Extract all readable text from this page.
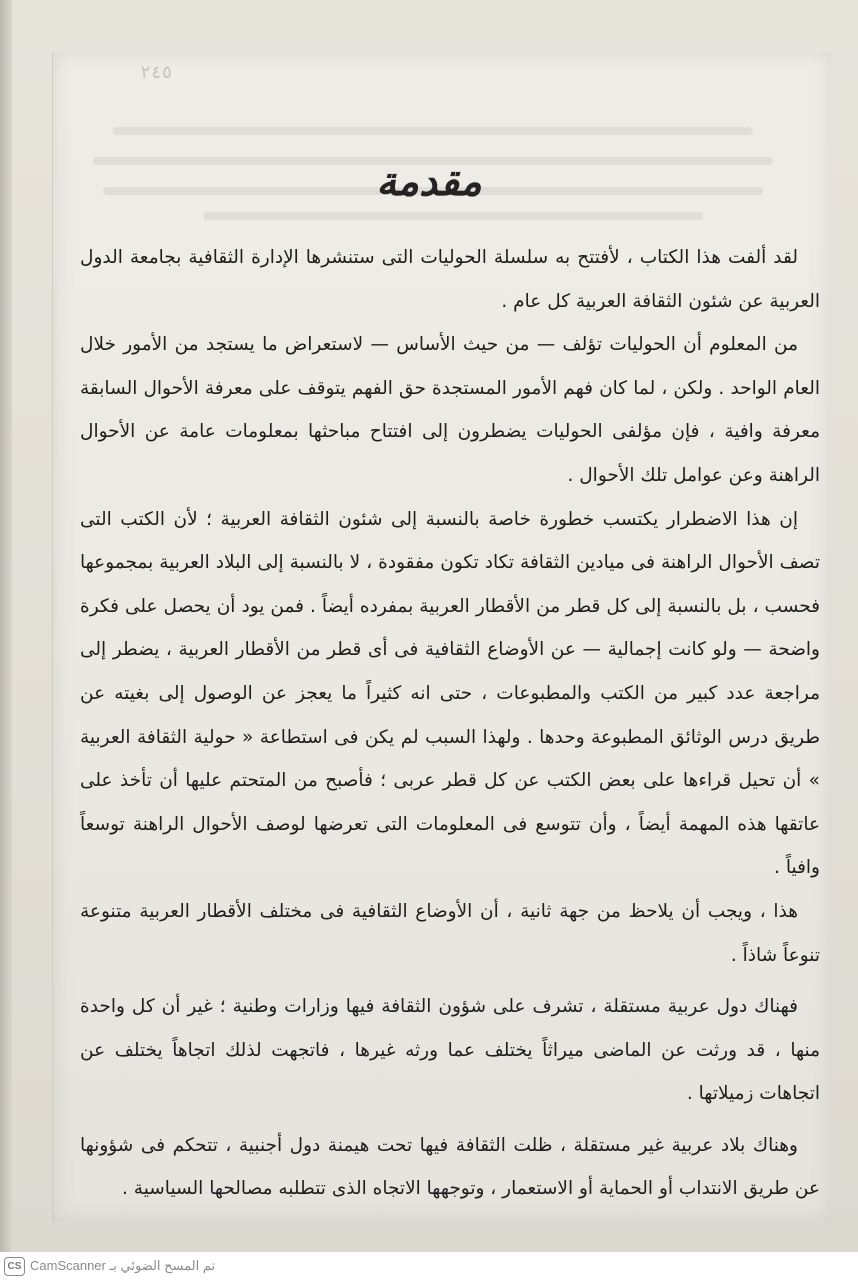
٢٤٥
مقدمة

لقد ألفت هذا الكتاب ، لأفتتح به سلسلة الحوليات التى ستنشرها الإدارة الثقافية بجامعة الدول العربية عن شئون الثقافة العربية كل عام .

من المعلوم أن الحوليات تؤلف — من حيث الأساس — لاستعراض ما يستجد من الأمور خلال العام الواحد . ولكن ، لما كان فهم الأمور المستجدة حق الفهم يتوقف على معرفة الأحوال السابقة معرفة وافية ، فإن مؤلفى الحوليات يضطرون إلى افتتاح مباحثها بمعلومات عامة عن الأحوال الراهنة وعن عوامل تلك الأحوال .

إن هذا الاضطرار يكتسب خطورة خاصة بالنسبة إلى شئون الثقافة العربية ؛ لأن الكتب التى تصف الأحوال الراهنة فى ميادين الثقافة تكاد تكون مفقودة ، لا بالنسبة إلى البلاد العربية بمجموعها فحسب ، بل بالنسبة إلى كل قطر من الأقطار العربية بمفرده أيضاً . فمن يود أن يحصل على فكرة واضحة — ولو كانت إجمالية — عن الأوضاع الثقافية فى أى قطر من الأقطار العربية ، يضطر إلى مراجعة عدد كبير من الكتب والمطبوعات ، حتى انه كثيراً ما يعجز عن الوصول إلى بغيته عن طريق درس الوثائق المطبوعة وحدها . ولهذا السبب لم يكن فى استطاعة « حولية الثقافة العربية » أن تحيل قراءها على بعض الكتب عن كل قطر عربى ؛ فأصبح من المتحتم عليها أن تأخذ على عاتقها هذه المهمة أيضاً ، وأن تتوسع فى المعلومات التى تعرضها لوصف الأحوال الراهنة توسعاً وافياً .

هذا ، ويجب أن يلاحظ من جهة ثانية ، أن الأوضاع الثقافية فى مختلف الأقطار العربية متنوعة تنوعاً شاذاً .

فهناك دول عربية مستقلة ، تشرف على شؤون الثقافة فيها وزارات وطنية ؛ غير أن كل واحدة منها ، قد ورثت عن الماضى ميراثاً يختلف عما ورثه غيرها ، فاتجهت لذلك اتجاهاً يختلف عن اتجاهات زميلاتها .

وهناك بلاد عربية غير مستقلة ، ظلت الثقافة فيها تحت هيمنة دول أجنبية ، تتحكم فى شؤونها عن طريق الانتداب أو الحماية أو الاستعمار ، وتوجهها الاتجاه الذى تتطلبه مصالحها السياسية .

CS تم المسح الضوئي بـ CamScanner
